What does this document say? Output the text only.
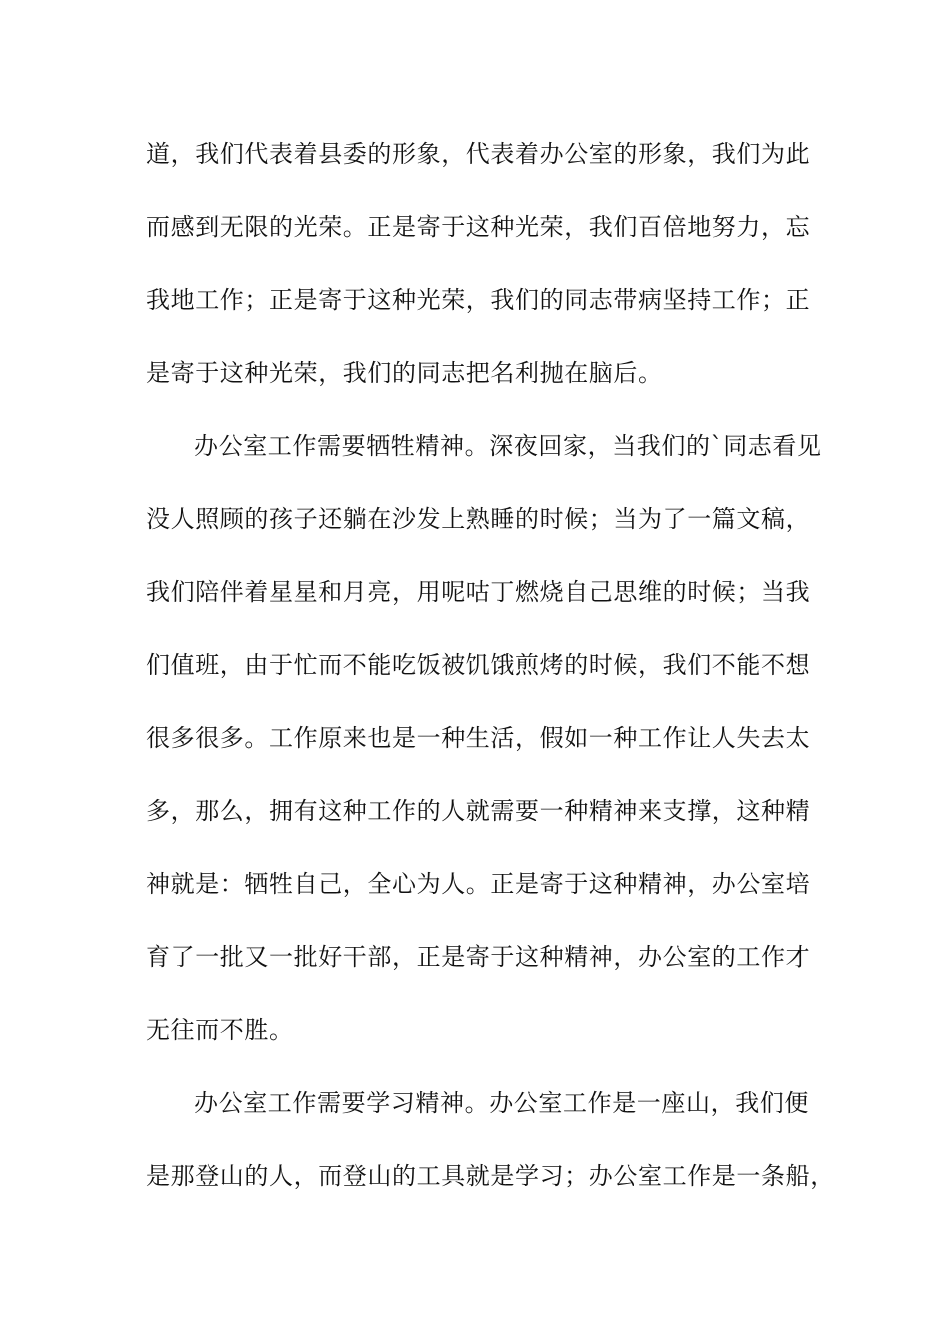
道，我们代表着县委的形象，代表着办公室的形象，我们为此
而感到无限的光荣。正是寄于这种光荣，我们百倍地努力，忘
我地工作；正是寄于这种光荣，我们的同志带病坚持工作；正
是寄于这种光荣，我们的同志把名利抛在脑后。
办公室工作需要牺牲精神。深夜回家，当我们的`同志看见
没人照顾的孩子还躺在沙发上熟睡的时候；当为了一篇文稿，
我们陪伴着星星和月亮，用呢咕丁燃烧自己思维的时候；当我
们值班，由于忙而不能吃饭被饥饿煎烤的时候，我们不能不想
很多很多。工作原来也是一种生活，假如一种工作让人失去太
多，那么，拥有这种工作的人就需要一种精神来支撑，这种精
神就是：牺牲自己，全心为人。正是寄于这种精神，办公室培
育了一批又一批好干部，正是寄于这种精神，办公室的工作才
无往而不胜。
办公室工作需要学习精神。办公室工作是一座山，我们便
是那登山的人，而登山的工具就是学习；办公室工作是一条船，
